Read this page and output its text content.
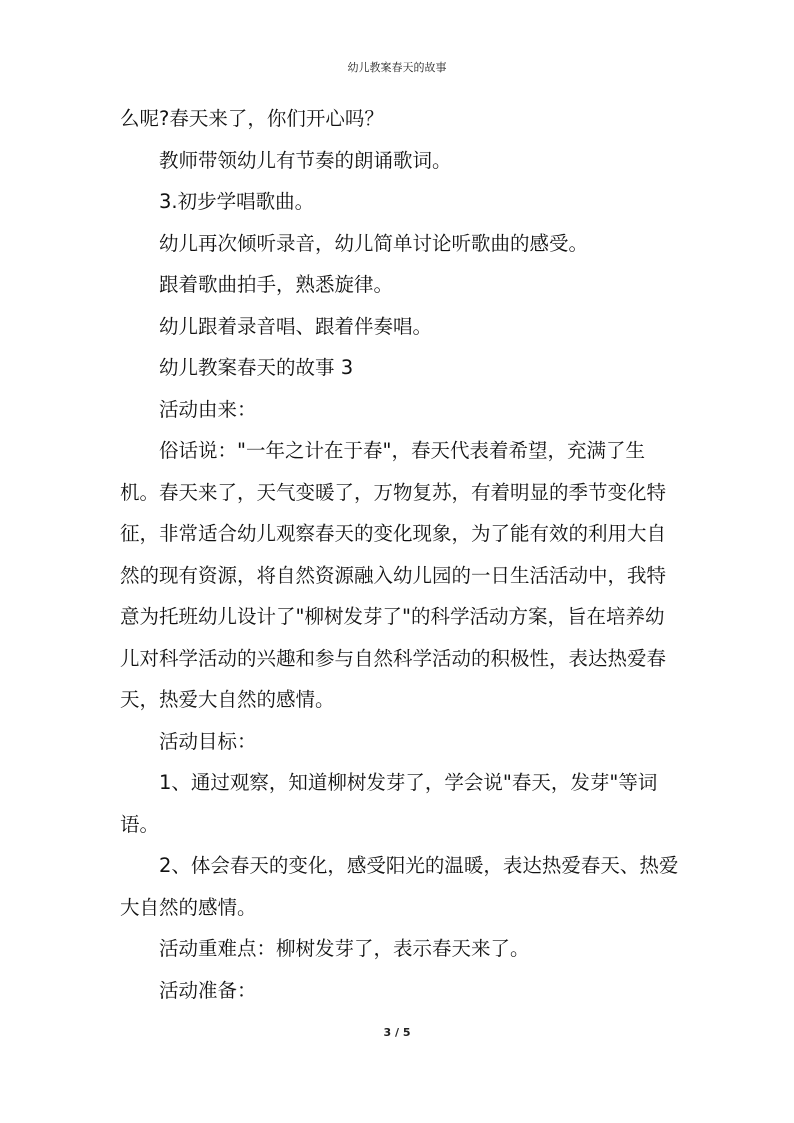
幼儿教案春天的故事

么呢?春天来了，你们开心吗？

教师带领幼儿有节奏的朗诵歌词。

3.初步学唱歌曲。

幼儿再次倾听录音，幼儿简单讨论听歌曲的感受。

跟着歌曲拍手，熟悉旋律。

幼儿跟着录音唱、跟着伴奏唱。

幼儿教案春天的故事 3

活动由来：

俗话说："一年之计在于春"，春天代表着希望，充满了生机。春天来了，天气变暖了，万物复苏，有着明显的季节变化特征，非常适合幼儿观察春天的变化现象，为了能有效的利用大自然的现有资源，将自然资源融入幼儿园的一日生活活动中，我特意为托班幼儿设计了"柳树发芽了"的科学活动方案，旨在培养幼儿对科学活动的兴趣和参与自然科学活动的积极性，表达热爱春天，热爱大自然的感情。

活动目标：

1、通过观察，知道柳树发芽了，学会说"春天，发芽"等词语。

2、体会春天的变化，感受阳光的温暖，表达热爱春天、热爱大自然的感情。

活动重难点：柳树发芽了，表示春天来了。

活动准备：

3 / 5
